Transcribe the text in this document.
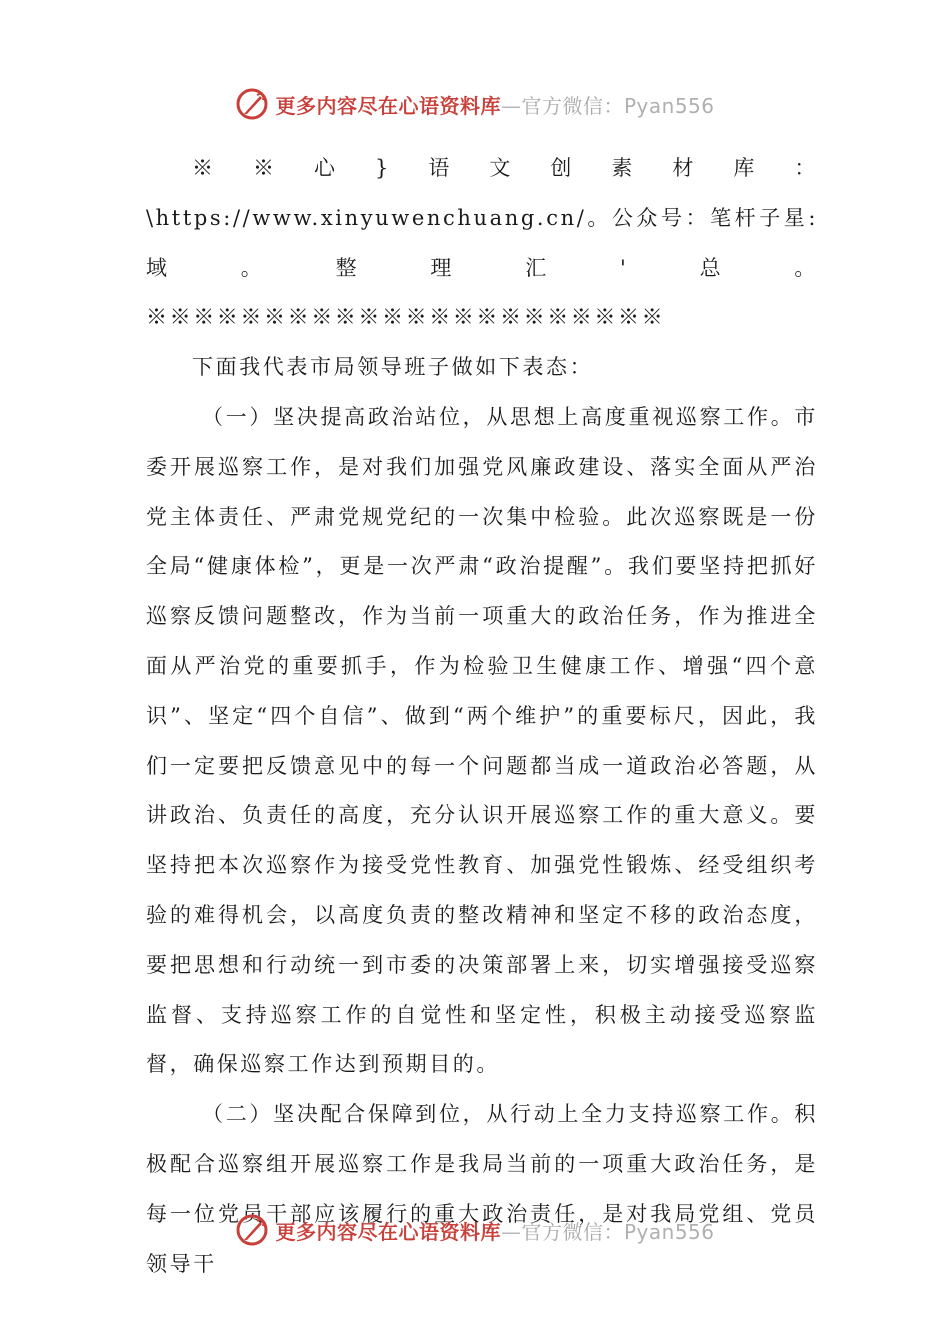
更多内容尽在心语资料库—官方微信：Pyan556

※※心}语文创素材库：\https://www.xinyuwenchuang.cn/。公众号：笔杆子星:域。整理汇'总。※※※※※※※※※※※※※※※※※※※※※※

下面我代表市局领导班子做如下表态：

（一）坚决提高政治站位，从思想上高度重视巡察工作。市委开展巡察工作，是对我们加强党风廉政建设、落实全面从严治党主体责任、严肃党规党纪的一次集中检验。此次巡察既是一份全局“健康体检”，更是一次严肃“政治提醒”。我们要坚持把抓好巡察反馈问题整改，作为当前一项重大的政治任务，作为推进全面从严治党的重要抓手，作为检验卫生健康工作、增强“四个意识”、坚定“四个自信”、做到“两个维护”的重要标尺，因此，我们一定要把反馈意见中的每一个问题都当成一道政治必答题，从讲政治、负责任的高度，充分认识开展巡察工作的重大意义。要坚持把本次巡察作为接受党性教育、加强党性锻炼、经受组织考验的难得机会，以高度负责的整改精神和坚定不移的政治态度，要把思想和行动统一到市委的决策部署上来，切实增强接受巡察监督、支持巡察工作的自觉性和坚定性，积极主动接受巡察监督，确保巡察工作达到预期目的。

（二）坚决配合保障到位，从行动上全力支持巡察工作。积极配合巡察组开展巡察工作是我局当前的一项重大政治任务，是每一位党员干部应该履行的重大政治责任，是对我局党组、党员领导干

更多内容尽在心语资料库—官方微信：Pyan556
